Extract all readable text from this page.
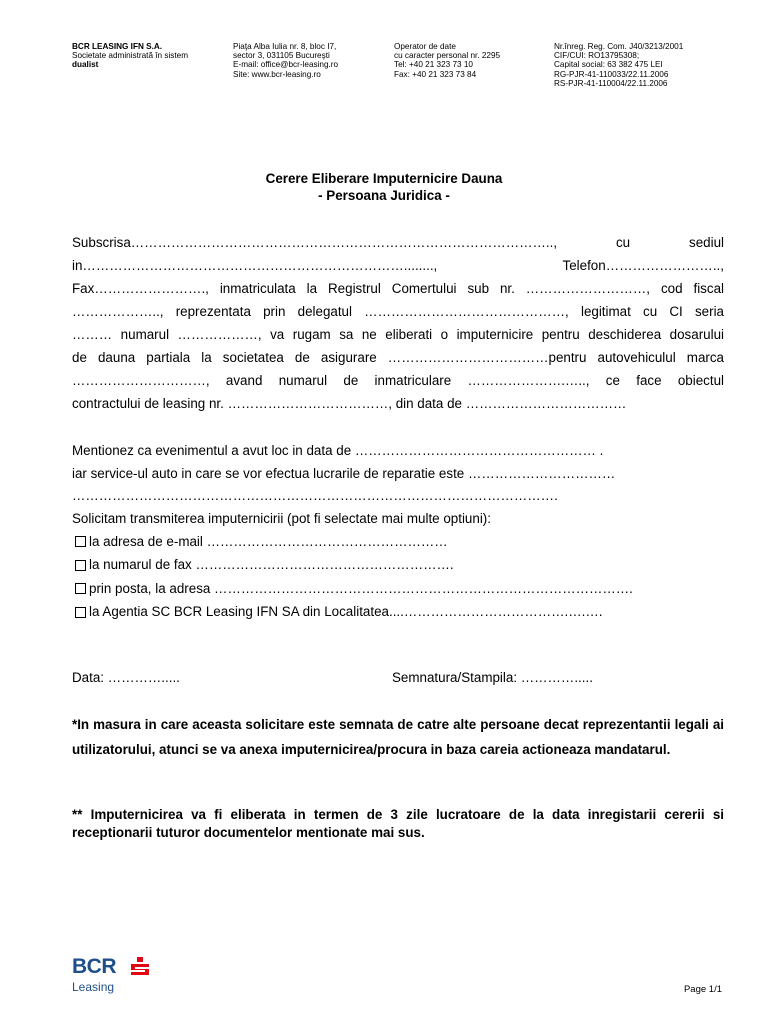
BCR LEASING IFN S.A.
Societate administrată în sistem
dualist
Piaţa Alba Iulia nr. 8, bloc I7,
sector 3, 031105 Bucureşti
E-mail: office@bcr-leasing.ro
Site: www.bcr-leasing.ro
Operator de date
cu caracter personal nr. 2295
Tel: +40 21 323 73 10
Fax: +40 21 323 73 84
Nr.înreg. Reg. Com. J40/3213/2001
CIF/CUI: RO13795308;
Capital social: 63 382 475 LEI
RG-PJR-41-110033/22.11.2006
RS-PJR-41-110004/22.11.2006
Cerere Eliberare Imputernicire Dauna
- Persoana Juridica -
Subscrisa………………………………………………………………………………….., cu sediul
in………………………………………………………………........, Telefon……………………..,
Fax……………………., inmatriculata la Registrul Comertului sub nr. ………………………, cod fiscal
……………….., reprezentata prin delegatul ………………………………………, legitimat cu CI seria
……… numarul ………………, va rugam sa ne eliberati o imputernicire pentru deschiderea dosarului
de dauna partiala la societatea de asigurare ………………………………pentru autovehiculul marca
…………………………, avand numarul de inmatriculare ………………….….., ce face obiectul
contractului de leasing nr. ………………………………, din data de ………………………………
Mentionez ca evenimentul a avut loc in data de ……………………………………………… .
iar service-ul auto in care se vor efectua lucrarile de reparatie este ……………………………
……………………………………………………………………………………………….
Solicitam transmiterea imputernicirii (pot fi selectate mai multe optiuni):
la adresa de e-mail ………………………………………………
la numarul de fax ………………………………………………….
prin posta, la adresa ………………………………………………………………………………….
la Agentia SC BCR Leasing IFN SA din Localitatea....……………………………….….….
Data: ………….....	Semnatura/Stampila: ………….....
*In masura in care aceasta solicitare este semnata de catre alte persoane decat reprezentantii legali ai utilizatorului, atunci se va anexa imputernicirea/procura in baza careia actioneaza mandatarul.
** Imputernicirea va fi eliberata in termen de 3 zile lucratoare de la data inregistarii cererii si receptionarii tuturor documentelor mentionate mai sus.
BCR
Leasing	Page 1/1
